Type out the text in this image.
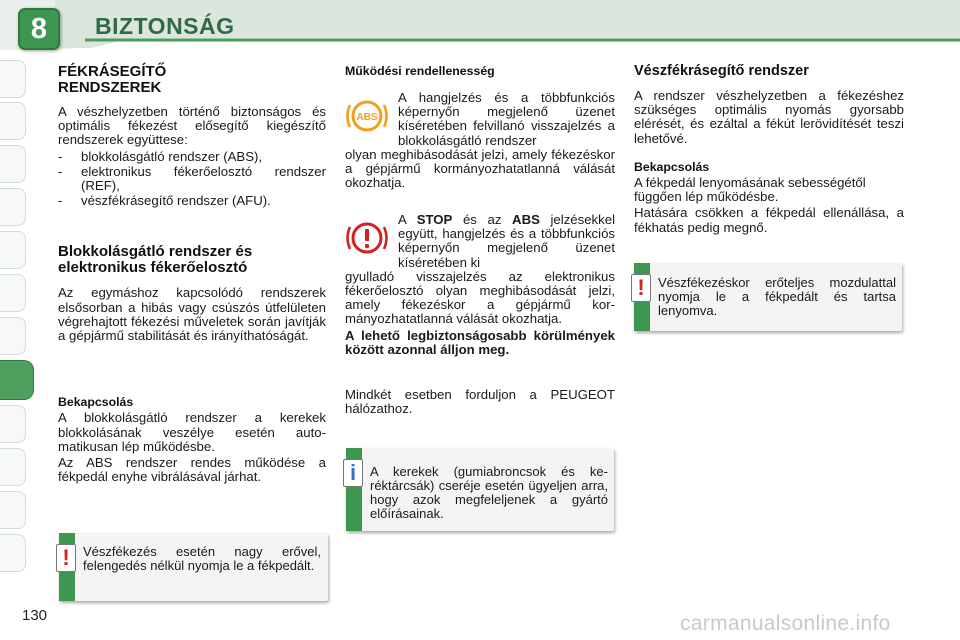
8	BIZTONSÁG
FÉKRÁSEGÍTŐ
RENDSZEREK

A vészhelyzetben történő biztonságos és optimális fékezést elősegítő kiegészítő rendszerek együttese:

- blokkolásgátló rendszer (ABS),
- elektronikus fékerőelosztó rendszer (REF),
- vészfékrásegítő rendszer (AFU).
Blokkolásgátló rendszer és
elektronikus fékerőelosztó

Az egymáshoz kapcsolódó rendszerek elsősorban a hibás vagy csúszós útfelületen végrehajtott fékezési műveletek során javítják a gépjármű stabilitását és irányíthatóságát.

Bekapcsolás

A blokkolásgátló rendszer a kerekek blokkolásának veszélye esetén automatikusan lép működésbe.

Az ABS rendszer rendes működése a fékpedál enyhe vibrálásával járhat.

!	Vészfékezés esetén nagy erővel, felengedés nélkül nyomja le a fékpedált.
Működési rendellenesség
ABS

A hangjelzés és a többfunkciós képernyőn megjelenő üzenet kíséretében felvillanó visszajelzés a blokkolásgátló rendszer

olyan meghibásodását jelzi, amely fékezéskor a gépjármű kormányozhatatlanná válását okozhatja.

A STOP és az ABS jelzésekkel együtt, hangjelzés és a többfunkciós képernyőn megjelenő üzenet kíséretében ki

gyulladó visszajelzés az elektronikus fékerőelosztó olyan meghibásodását jelzi, amely fékezéskor a gépjármű kormányozhatatlanná válását okozhatja.

A lehető legbiztonságosabb körülmények között azonnal álljon meg.

Mindkét esetben forduljon a PEUGEOT hálózathoz.

i	A kerekek (gumiabroncsok és keréktárcsák) cseréje esetén ügyeljen arra, hogy azok megfeleljenek a gyártó előírásainak.
Vészfékrásegítő rendszer

A rendszer vészhelyzetben a fékezéshez szükséges optimális nyomás gyorsabb elérését, és ezáltal a fékút lerövidítését teszi lehetővé.

Bekapcsolás

A fékpedál lenyomásának sebességétől függően lép működésbe.

Hatására csökken a fékpedál ellenállása, a fékhatás pedig megnő.

!	Vészfékezéskor erőteljes mozdulattal nyomja le a fékpedált és tartsa lenyomva.
130	carmanualsonline.info
